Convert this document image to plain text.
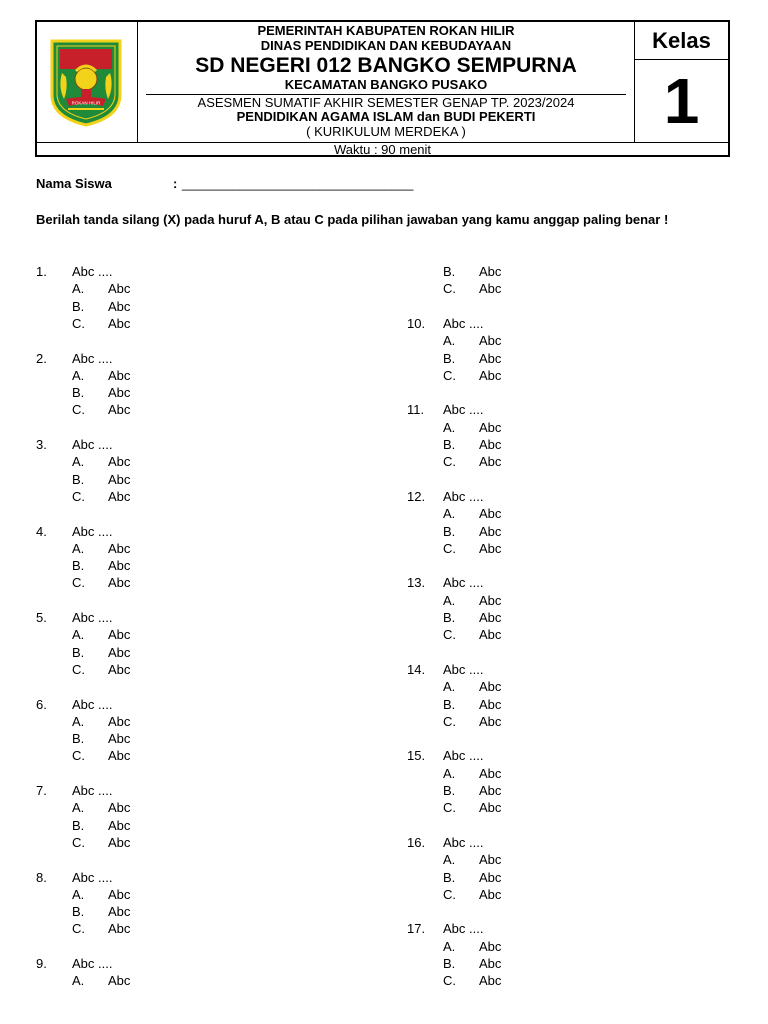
ROKAN HILIR
PEMERINTAH KABUPATEN ROKAN HILIR
DINAS PENDIDIKAN DAN KEBUDAYAAN
SD NEGERI 012 BANGKO SEMPURNA
KECAMATAN BANGKO PUSAKO
ASESMEN SUMATIF AKHIR SEMESTER GENAP TP. 2023/2024
PENDIDIKAN AGAMA ISLAM dan BUDI PEKERTI
( KURIKULUM MERDEKA )
Kelas
1
Waktu : 90 menit
Nama Siswa	: ________________________________
Berilah tanda silang (X) pada huruf A, B atau C pada pilihan jawaban yang kamu anggap paling benar !
1. Abc ....
A. Abc
B. Abc
C. Abc
2. Abc ....
A. Abc
B. Abc
C. Abc
3. Abc ....
A. Abc
B. Abc
C. Abc
4. Abc ....
A. Abc
B. Abc
C. Abc
5. Abc ....
A. Abc
B. Abc
C. Abc
6. Abc ....
A. Abc
B. Abc
C. Abc
7. Abc ....
A. Abc
B. Abc
C. Abc
8. Abc ....
A. Abc
B. Abc
C. Abc
9. Abc ....
A. Abc
B. Abc
C. Abc
10. Abc ....
A. Abc
B. Abc
C. Abc
11. Abc ....
A. Abc
B. Abc
C. Abc
12. Abc ....
A. Abc
B. Abc
C. Abc
13. Abc ....
A. Abc
B. Abc
C. Abc
14. Abc ....
A. Abc
B. Abc
C. Abc
15. Abc ....
A. Abc
B. Abc
C. Abc
16. Abc ....
A. Abc
B. Abc
C. Abc
17. Abc ....
A. Abc
B. Abc
C. Abc
